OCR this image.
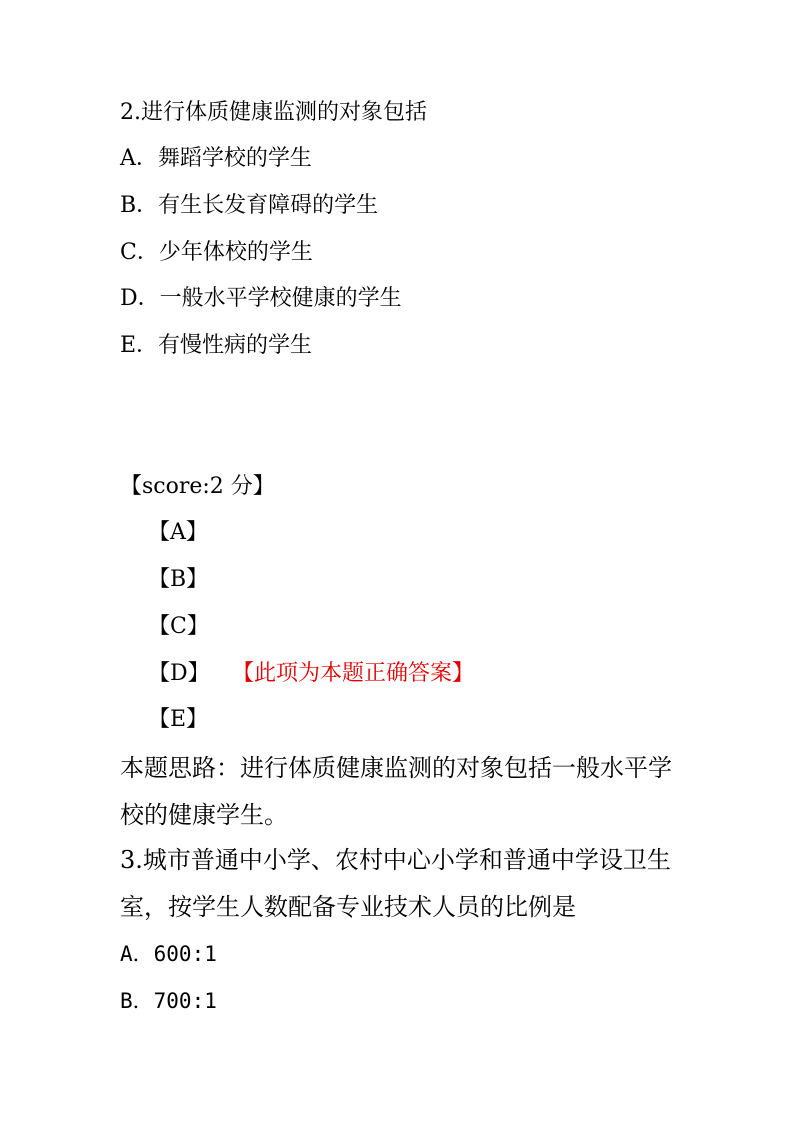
2.进行体质健康监测的对象包括
A．舞蹈学校的学生
B．有生长发育障碍的学生
C．少年体校的学生
D．一般水平学校健康的学生
E．有慢性病的学生
【score:2 分】
【A】
【B】
【C】
【D】 【此项为本题正确答案】
【E】
本题思路：进行体质健康监测的对象包括一般水平学校的健康学生。
3.城市普通中小学、农村中心小学和普通中学设卫生室，按学生人数配备专业技术人员的比例是
A．600:1
B．700:1
